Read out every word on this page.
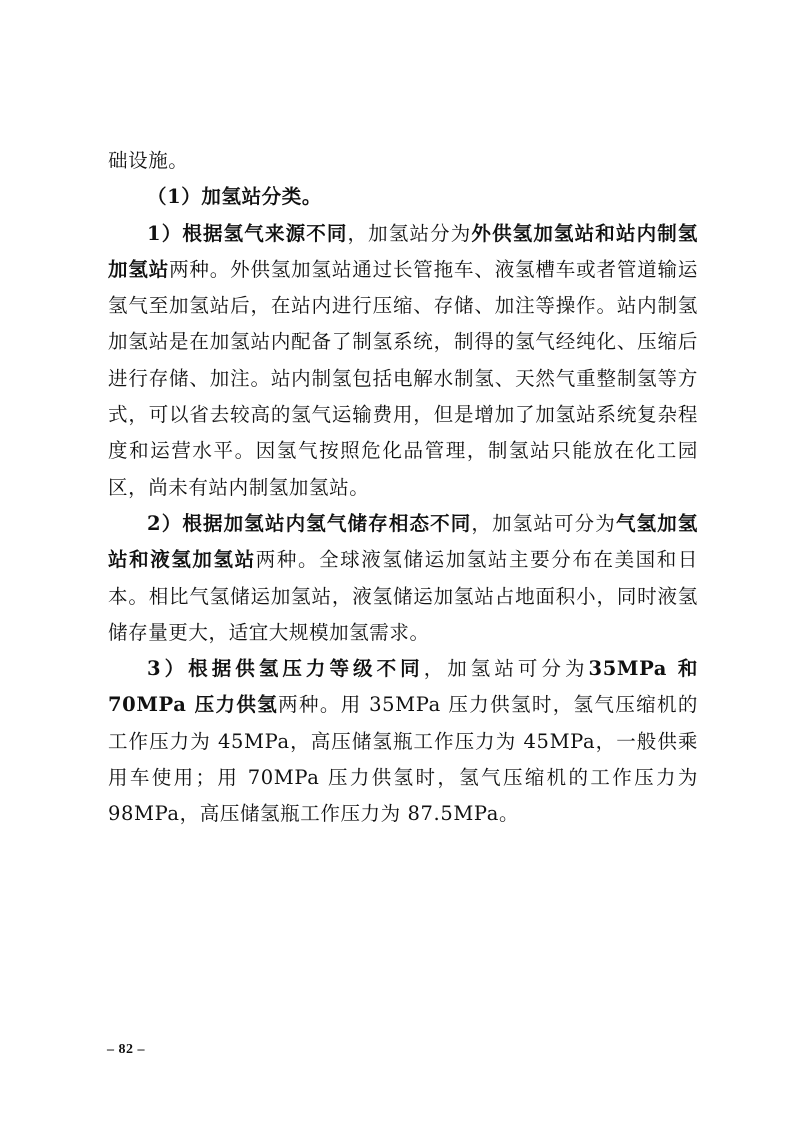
础设施。

（1）加氢站分类。

1）根据氢气来源不同，加氢站分为外供氢加氢站和站内制氢加氢站两种。外供氢加氢站通过长管拖车、液氢槽车或者管道输运氢气至加氢站后，在站内进行压缩、存储、加注等操作。站内制氢加氢站是在加氢站内配备了制氢系统，制得的氢气经纯化、压缩后进行存储、加注。站内制氢包括电解水制氢、天然气重整制氢等方式，可以省去较高的氢气运输费用，但是增加了加氢站系统复杂程度和运营水平。因氢气按照危化品管理，制氢站只能放在化工园区，尚未有站内制氢加氢站。

2）根据加氢站内氢气储存相态不同，加氢站可分为气氢加氢站和液氢加氢站两种。全球液氢储运加氢站主要分布在美国和日本。相比气氢储运加氢站，液氢储运加氢站占地面积小，同时液氢储存量更大，适宜大规模加氢需求。

3）根据供氢压力等级不同，加氢站可分为35MPa 和 70MPa 压力供氢两种。用 35MPa 压力供氢时，氢气压缩机的工作压力为 45MPa，高压储氢瓶工作压力为 45MPa，一般供乘用车使用；用 70MPa 压力供氢时，氢气压缩机的工作压力为 98MPa，高压储氢瓶工作压力为 87.5MPa。

– 82 –
